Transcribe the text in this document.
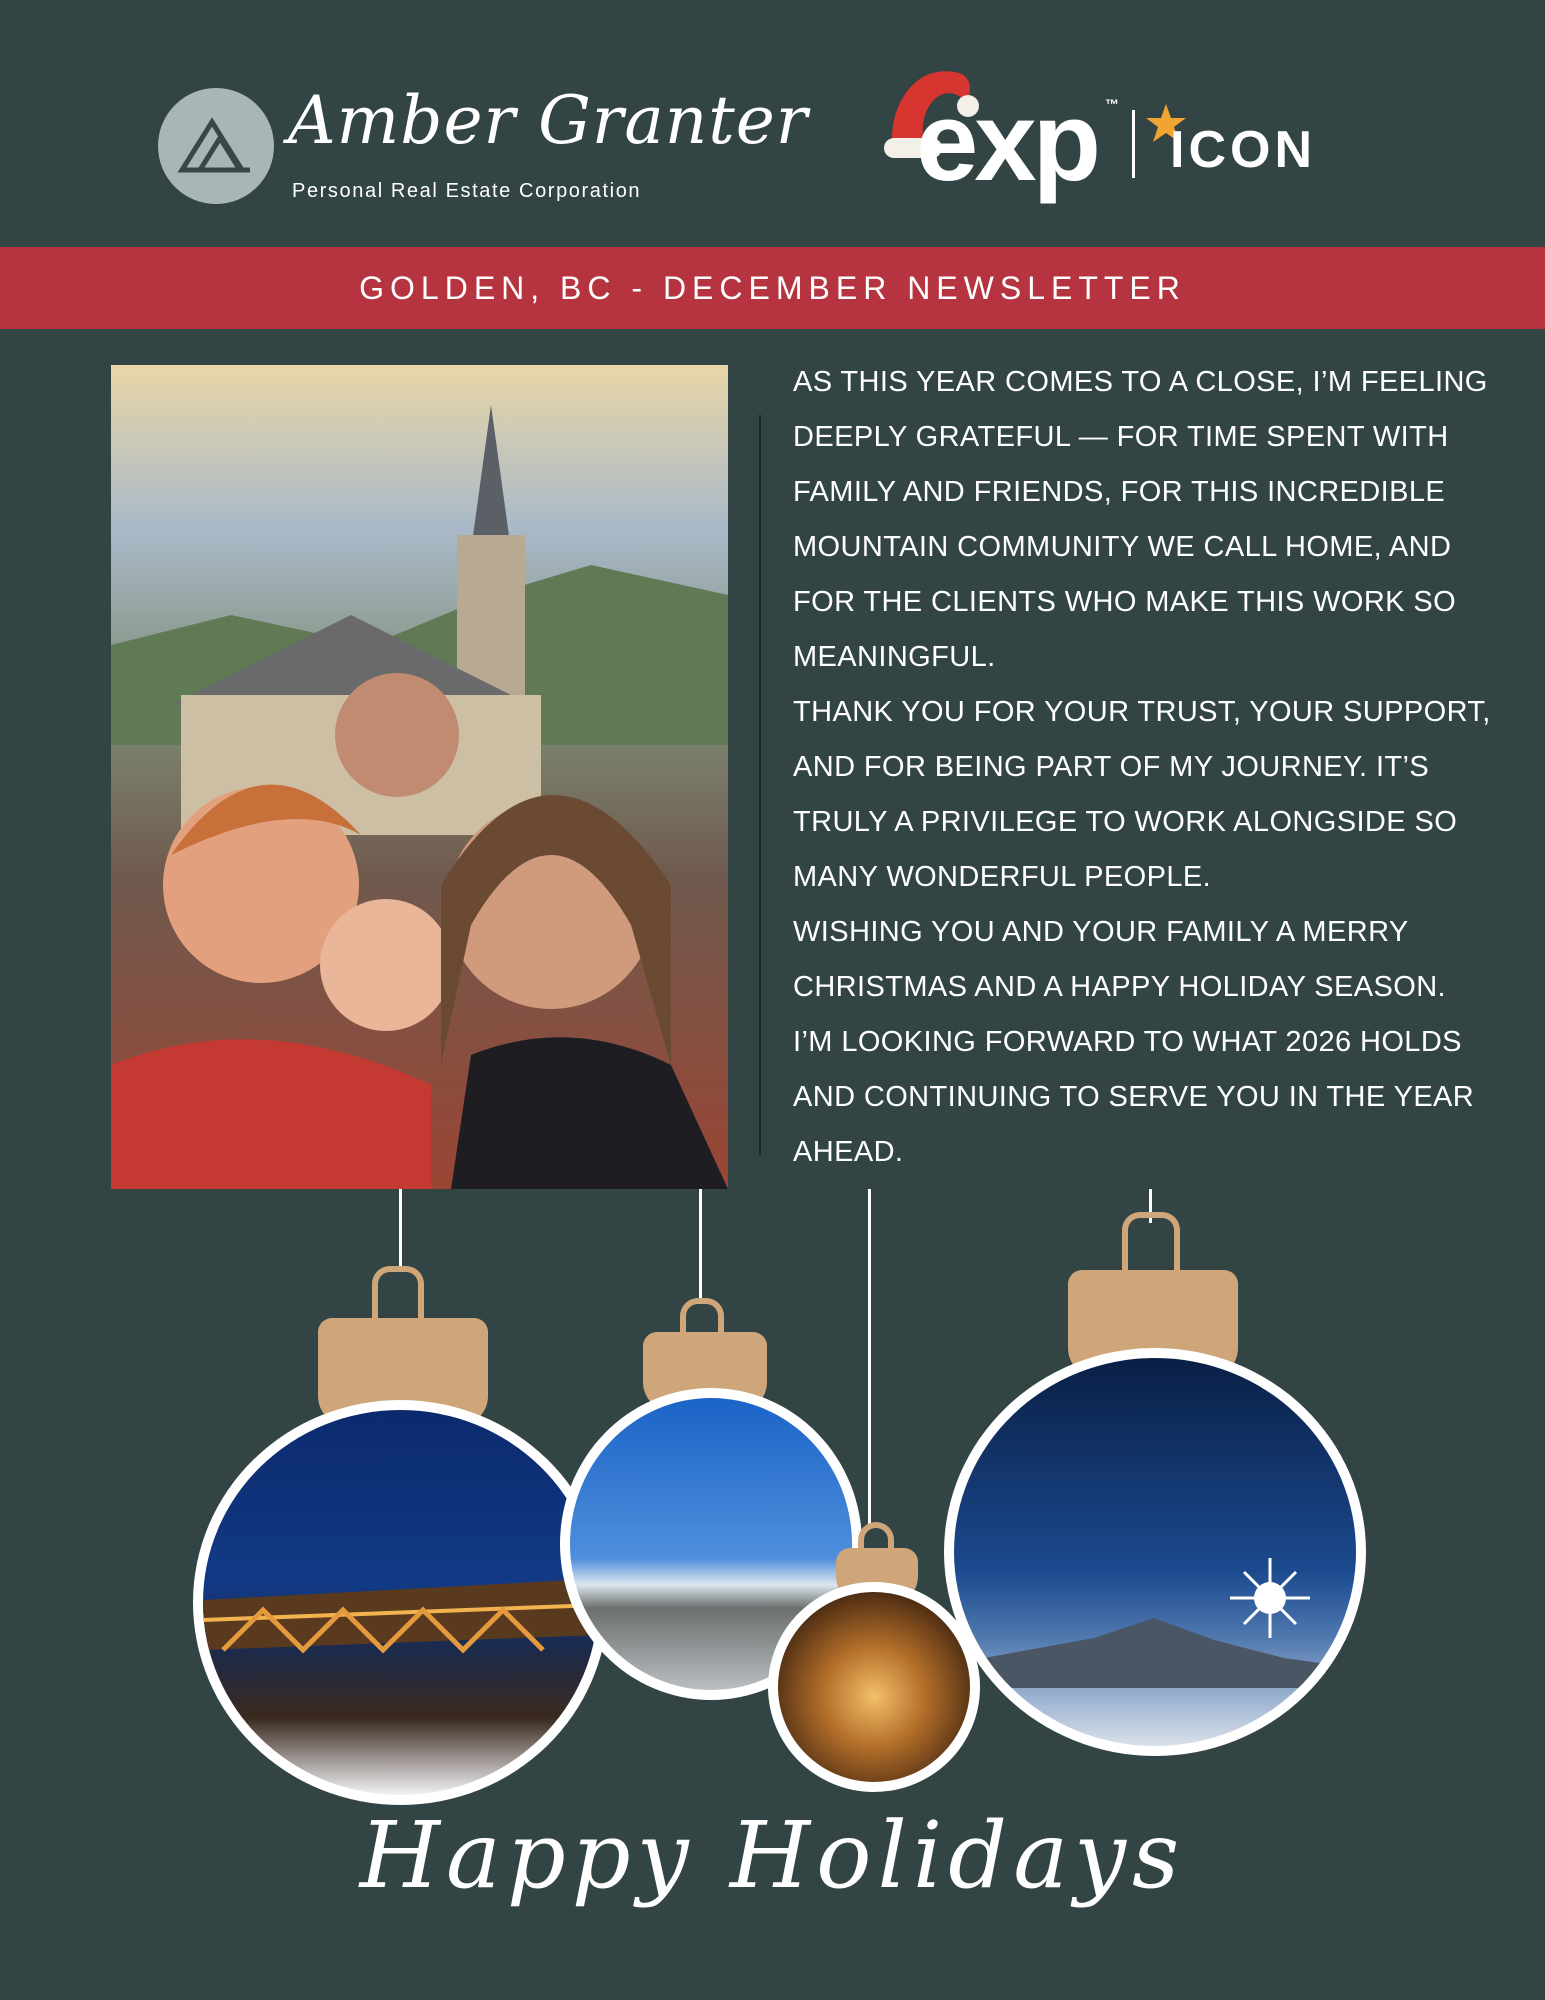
Amber Granter
Personal Real Estate Corporation exp ™
ICON
GOLDEN, BC - DECEMBER NEWSLETTER

AS THIS YEAR COMES TO A CLOSE, I’M FEELING DEEPLY GRATEFUL — FOR TIME SPENT WITH FAMILY AND FRIENDS, FOR THIS INCREDIBLE MOUNTAIN COMMUNITY WE CALL HOME, AND FOR THE CLIENTS WHO MAKE THIS WORK SO MEANINGFUL.

THANK YOU FOR YOUR TRUST, YOUR SUPPORT, AND FOR BEING PART OF MY JOURNEY. IT’S TRULY A PRIVILEGE TO WORK ALONGSIDE SO MANY WONDERFUL PEOPLE.

WISHING YOU AND YOUR FAMILY A MERRY CHRISTMAS AND A HAPPY HOLIDAY SEASON.

I’M LOOKING FORWARD TO WHAT 2026 HOLDS AND CONTINUING TO SERVE YOU IN THE YEAR AHEAD.

Happy Holidays
